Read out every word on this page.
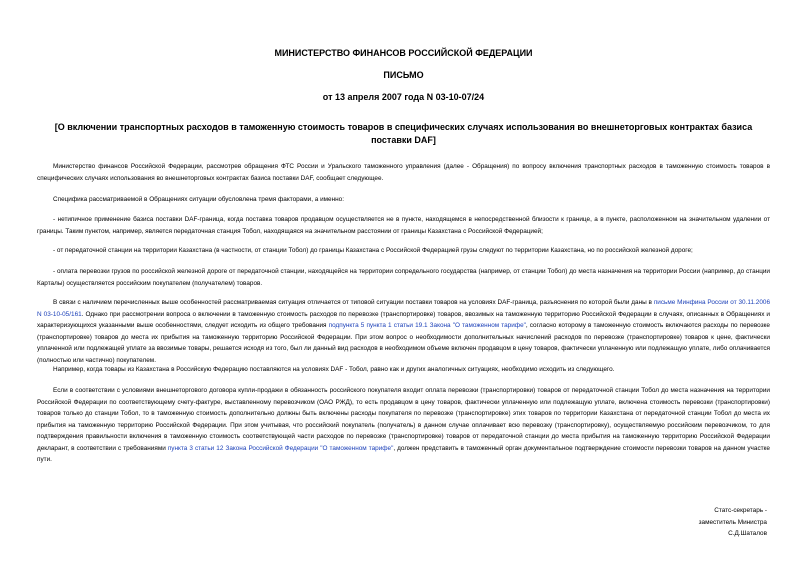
МИНИСТЕРСТВО ФИНАНСОВ РОССИЙСКОЙ ФЕДЕРАЦИИ
ПИСЬМО
от 13 апреля 2007 года N 03-10-07/24
[О включении транспортных расходов в таможенную стоимость товаров в специфических случаях использования во внешнеторговых контрактах базиса поставки DAF]

Министерство финансов Российской Федерации, рассмотрев обращения ФТС России и Уральского таможенного управления (далее - Обращения) по вопросу включения транспортных расходов в таможенную стоимость товаров в специфических случаях использования во внешнеторговых контрактах базиса поставки DAF, сообщает следующее.

Специфика рассматриваемой в Обращениях ситуации обусловлена тремя факторами, а именно:

- нетипичное применение базиса поставки DAF-граница, когда поставка товаров продавцом осуществляется не в пункте, находящемся в непосредственной близости к границе, а в пункте, расположенном на значительном удалении от границы. Таким пунктом, например, является передаточная станция Тобол, находящаяся на значительном расстоянии от границы Казахстана с Российской Федерацией;

- от передаточной станции на территории Казахстана (в частности, от станции Тобол) до границы Казахстана с Российской Федерацией грузы следуют по территории Казахстана, но по российской железной дороге;

- оплата перевозки грузов по российской железной дороге от передаточной станции, находящейся на территории сопредельного государства (например, от станции Тобол) до места назначения на территории России (например, до станции Карталы) осуществляется российским покупателем (получателем) товаров.

В связи с наличием перечисленных выше особенностей рассматриваемая ситуация отличается от типовой ситуации поставки товаров на условиях DAF-граница, разъяснения по которой были даны в письме Минфина России от 30.11.2006 N 03-10-05/161. Однако при рассмотрении вопроса о включении в таможенную стоимость расходов по перевозке (транспортировке) товаров, ввозимых на таможенную территорию Российской Федерации в случаях, описанных в Обращениях и характеризующихся указанными выше особенностями, следует исходить из общего требования подпункта 5 пункта 1 статьи 19.1 Закона "О таможенном тарифе", согласно которому в таможенную стоимость включаются расходы по перевозке (транспортировке) товаров до места их прибытия на таможенную территорию Российской Федерации. При этом вопрос о необходимости дополнительных начислений расходов по перевозке (транспортировке) товаров к цене, фактически уплаченной или подлежащей уплате за ввозимые товары, решается исходя из того, был ли данный вид расходов в необходимом объеме включен продавцом в цену товаров, фактически уплаченную или подлежащую уплате, либо оплачивается (полностью или частично) покупателем.

Например, когда товары из Казахстана в Российскую Федерацию поставляются на условиях DAF - Тобол, равно как и других аналогичных ситуациях, необходимо исходить из следующего.

Если в соответствии с условиями внешнеторгового договора купли-продажи в обязанность российского покупателя входит оплата перевозки (транспортировки) товаров от передаточной станции Тобол до места назначения на территории Российской Федерации по соответствующему счету-фактуре, выставленному перевозчиком (ОАО РЖД), то есть продавцом в цену товаров, фактически уплаченную или подлежащую уплате, включена стоимость перевозки (транспортировки) товаров только до станции Тобол, то в таможенную стоимость дополнительно должны быть включены расходы покупателя по перевозке (транспортировке) этих товаров по территории Казахстана от передаточной станции Тобол до места их прибытия на таможенную территорию Российской Федерации. При этом учитывая, что российский покупатель (получатель) в данном случае оплачивает всю перевозку (транспортировку), осуществляемую российским перевозчиком, то для подтверждения правильности включения в таможенную стоимость соответствующей части расходов по перевозке (транспортировке) товаров от передаточной станции до места прибытия на таможенную территорию Российской Федерации декларант, в соответствии с требованиями пункта 3 статьи 12 Закона Российской Федерации "О таможенном тарифе", должен представить в таможенный орган документальное подтверждение стоимости перевозки товаров на данном участке пути.

Статс-секретарь -
заместитель Министра
С.Д.Шаталов
